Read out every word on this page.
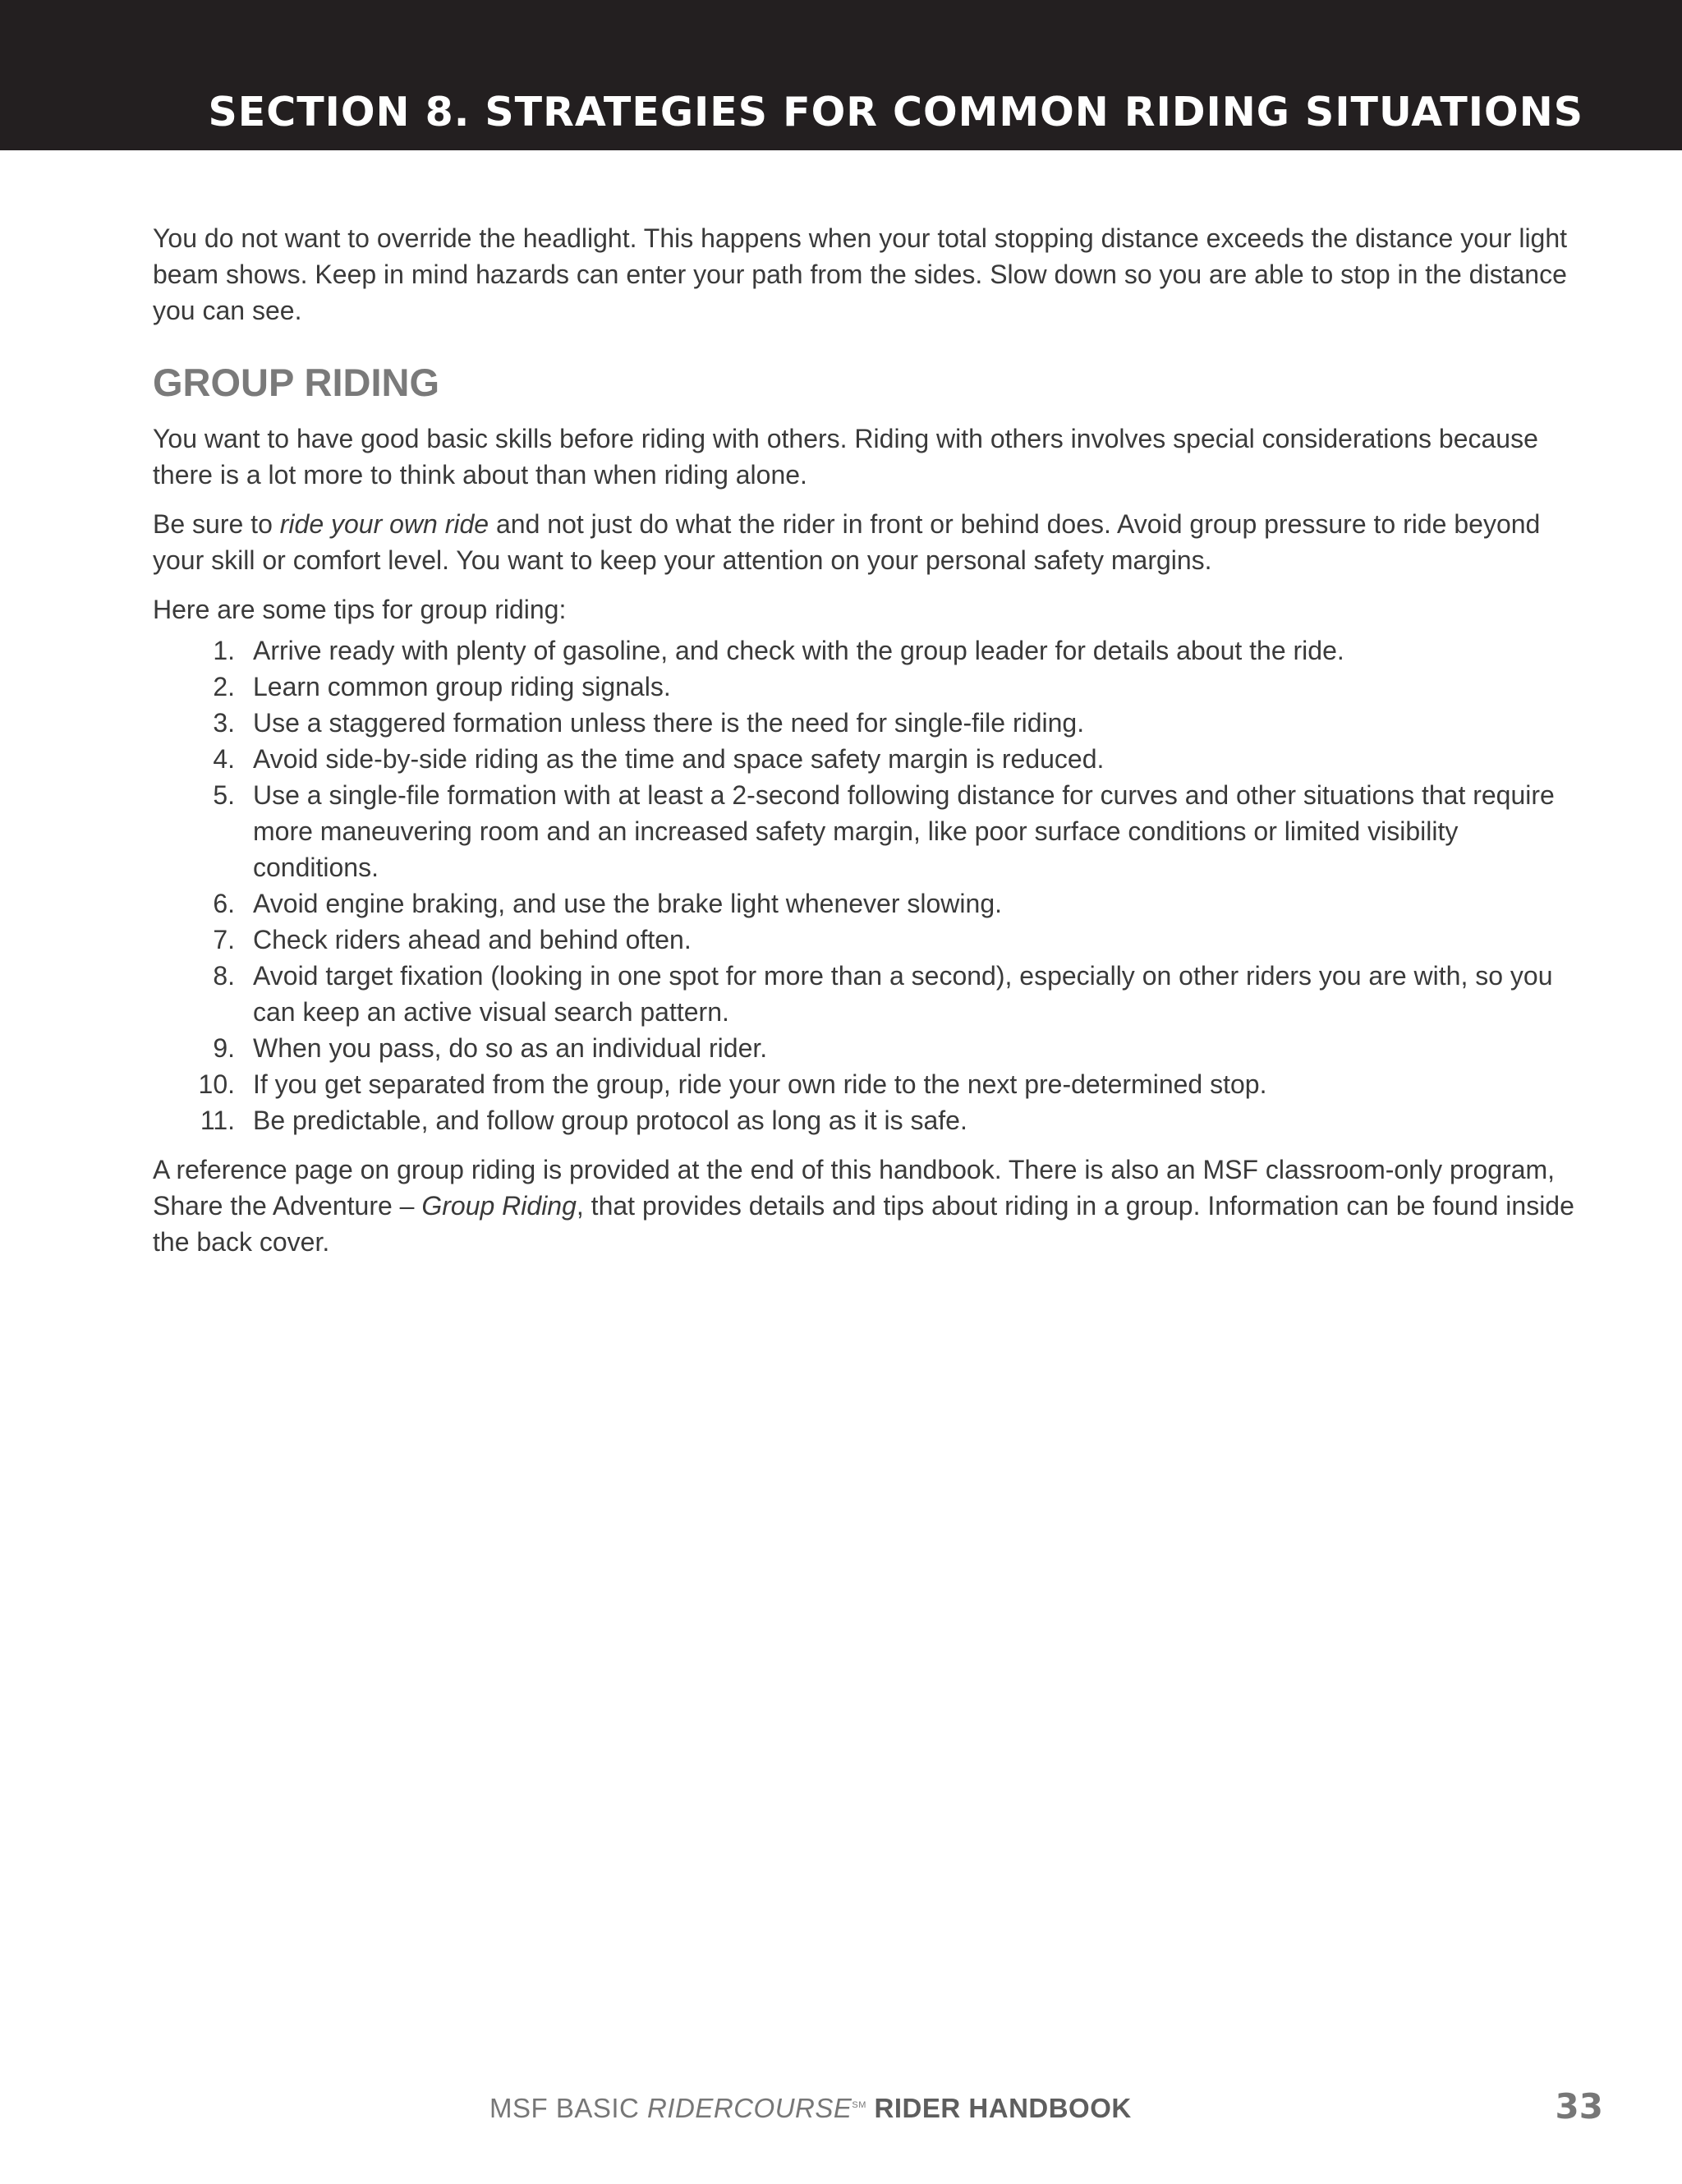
SECTION 8. STRATEGIES FOR COMMON RIDING SITUATIONS

You do not want to override the headlight. This happens when your total stopping distance exceeds the distance your light beam shows. Keep in mind hazards can enter your path from the sides. Slow down so you are able to stop in the distance you can see.

GROUP RIDING

You want to have good basic skills before riding with others. Riding with others involves special considerations because there is a lot more to think about than when riding alone.

Be sure to ride your own ride and not just do what the rider in front or behind does. Avoid group pressure to ride beyond your skill or comfort level. You want to keep your attention on your personal safety margins.

Here are some tips for group riding:

1. Arrive ready with plenty of gasoline, and check with the group leader for details about the ride.
2. Learn common group riding signals.
3. Use a staggered formation unless there is the need for single-file riding.
4. Avoid side-by-side riding as the time and space safety margin is reduced.
5. Use a single-file formation with at least a 2-second following distance for curves and other situations that require more maneuvering room and an increased safety margin, like poor surface conditions or limited visibility conditions.
6. Avoid engine braking, and use the brake light whenever slowing.
7. Check riders ahead and behind often.
8. Avoid target fixation (looking in one spot for more than a second), especially on other riders you are with, so you can keep an active visual search pattern.
9. When you pass, do so as an individual rider.
10. If you get separated from the group, ride your own ride to the next pre-determined stop.
11. Be predictable, and follow group protocol as long as it is safe.

A reference page on group riding is provided at the end of this handbook. There is also an MSF classroom-only program, Share the Adventure – Group Riding, that provides details and tips about riding in a group. Information can be found inside the back cover.

MSF BASIC RIDERCOURSE℠ RIDER HANDBOOK	33
